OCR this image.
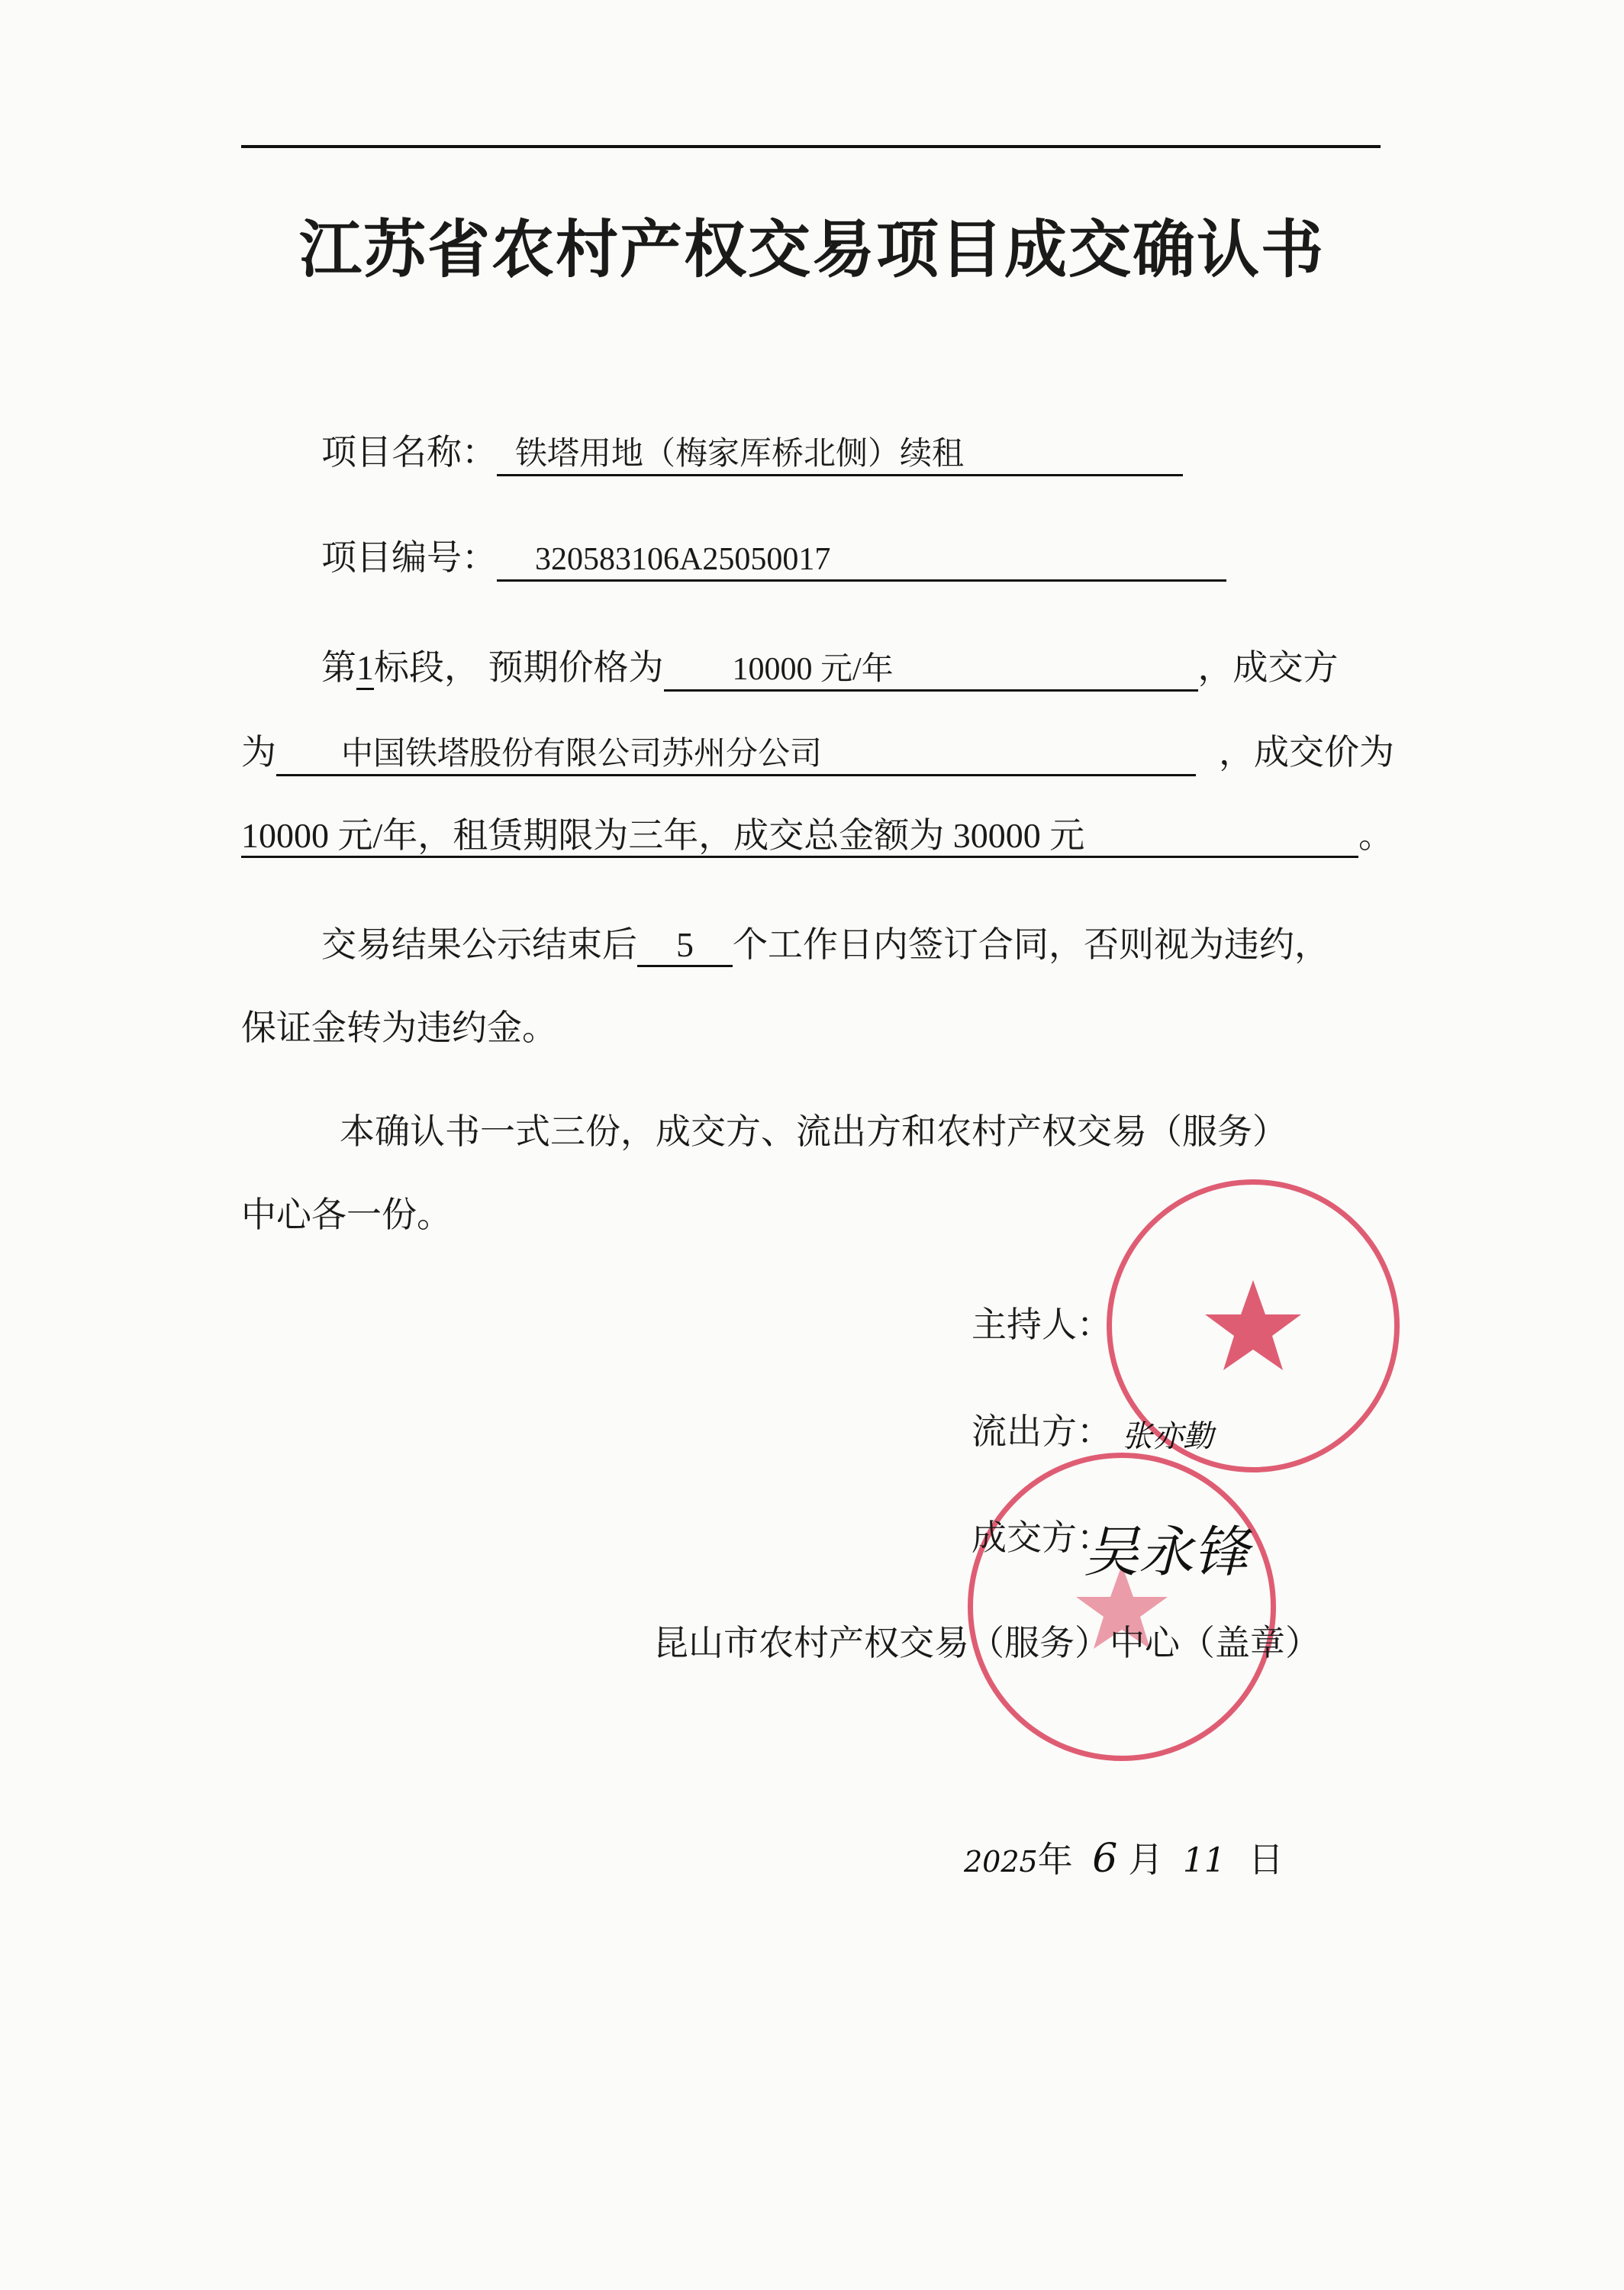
江苏省农村产权交易项目成交确认书
项目名称： 铁塔用地（梅家厍桥北侧）续租
项目编号： 320583106A25050017
第1标段， 预期价格为 10000 元/年	，成交方
为 中国铁塔股份有限公司苏州分公司	，成交价为
10000 元/年，租赁期限为三年，成交总金额为 30000 元	。
交易结果公示结束后 5 个工作日内签订合同，否则视为违约，
保证金转为违约金。
本确认书一式三份，成交方、流出方和农村产权交易（服务）
中心各一份。
主持人：
流出方： 张亦勤
成交方：
吴永锋
昆山市农村产权交易（服务）中心（盖章）
2025年 6 月 11 日
